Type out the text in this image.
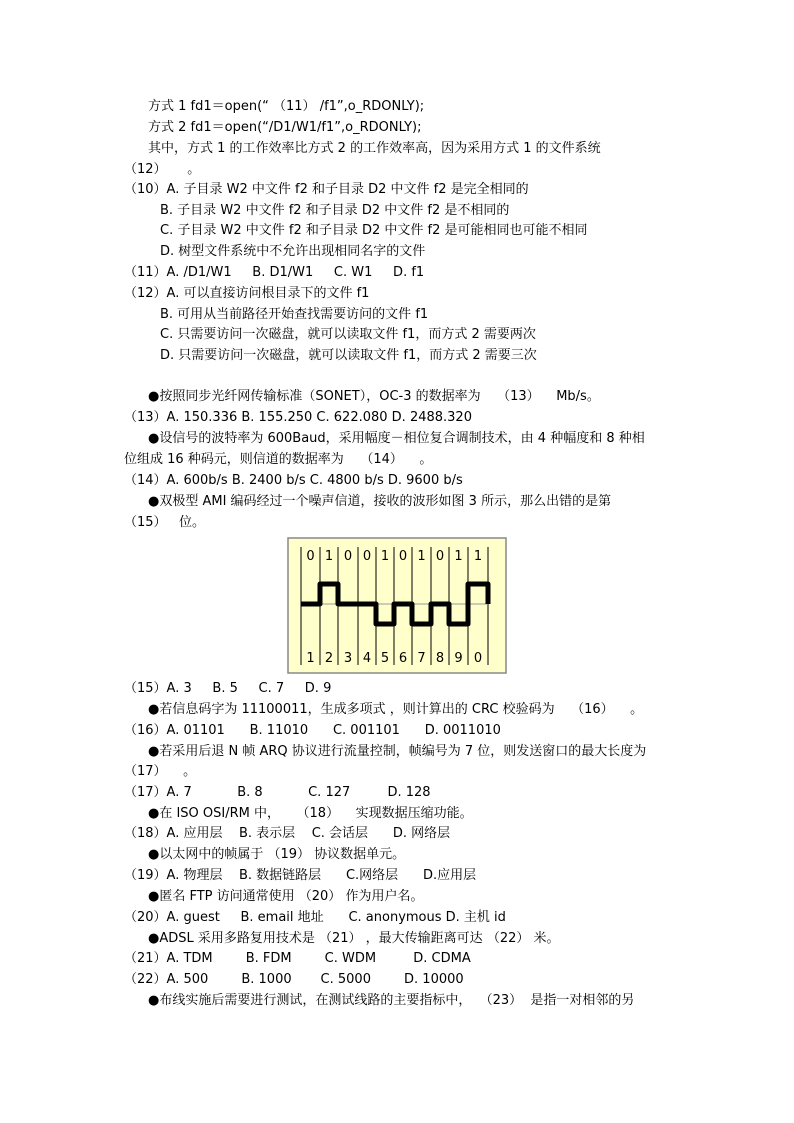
方式 1 fd1＝open(“ （11） /f1”,o_RDONLY);
方式 2 fd1＝open(“/D1/W1/f1”,o_RDONLY);
其中，方式 1 的工作效率比方式 2 的工作效率高，因为采用方式 1 的文件系统
（12）     。
（10）A. 子目录 W2 中文件 f2 和子目录 D2 中文件 f2 是完全相同的
B. 子目录 W2 中文件 f2 和子目录 D2 中文件 f2 是不相同的
C. 子目录 W2 中文件 f2 和子目录 D2 中文件 f2 是可能相同也可能不相同
D. 树型文件系统中不允许出现相同名字的文件
（11）A. /D1/W1     B. D1/W1     C. W1     D. f1
（12）A. 可以直接访问根目录下的文件 f1
B. 可用从当前路径开始查找需要访问的文件 f1
C. 只需要访问一次磁盘，就可以读取文件 f1，而方式 2 需要两次
D. 只需要访问一次磁盘，就可以读取文件 f1，而方式 2 需要三次
●按照同步光纤网传输标准（SONET），OC-3 的数据率为    （13）    Mb/s。
（13）A. 150.336 B. 155.250 C. 622.080 D. 2488.320
●设信号的波特率为 600Baud，采用幅度－相位复合调制技术，由 4 种幅度和 8 种相
位组成 16 种码元，则信道的数据率为    （14）    。
（14）A. 600b/s B. 2400 b/s C. 4800 b/s D. 9600 b/s
●双极型 AMI 编码经过一个噪声信道，接收的波形如图 3 所示，那么出错的是第
（15）   位。
0 1 0 0 1 0 1 0 1 1
1 2 3 4 5 6 7 8 9 0
（15）A. 3     B. 5     C. 7     D. 9
●若信息码字为 11100011，生成多项式 ，则计算出的 CRC 校验码为    （16）    。
（16）A. 01101      B. 11010      C. 001101      D. 0011010
●若采用后退 N 帧 ARQ 协议进行流量控制，帧编号为 7 位，则发送窗口的最大长度为
（17）    。
（17）A. 7           B. 8           C. 127         D. 128
●在 ISO OSI/RM 中，    （18）    实现数据压缩功能。
（18）A. 应用层    B. 表示层    C. 会话层      D. 网络层
●以太网中的帧属于 （19） 协议数据单元。
（19）A. 物理层    B. 数据链路层      C.网络层      D.应用层
●匿名 FTP 访问通常使用 （20） 作为用户名。
（20）A. guest     B. email 地址      C. anonymous D. 主机 id
●ADSL 采用多路复用技术是 （21） ，最大传输距离可达 （22） 米。
（21）A. TDM        B. FDM        C. WDM         D. CDMA
（22）A. 500        B. 1000       C. 5000        D. 10000
●布线实施后需要进行测试，在测试线路的主要指标中，  （23）  是指一对相邻的另
